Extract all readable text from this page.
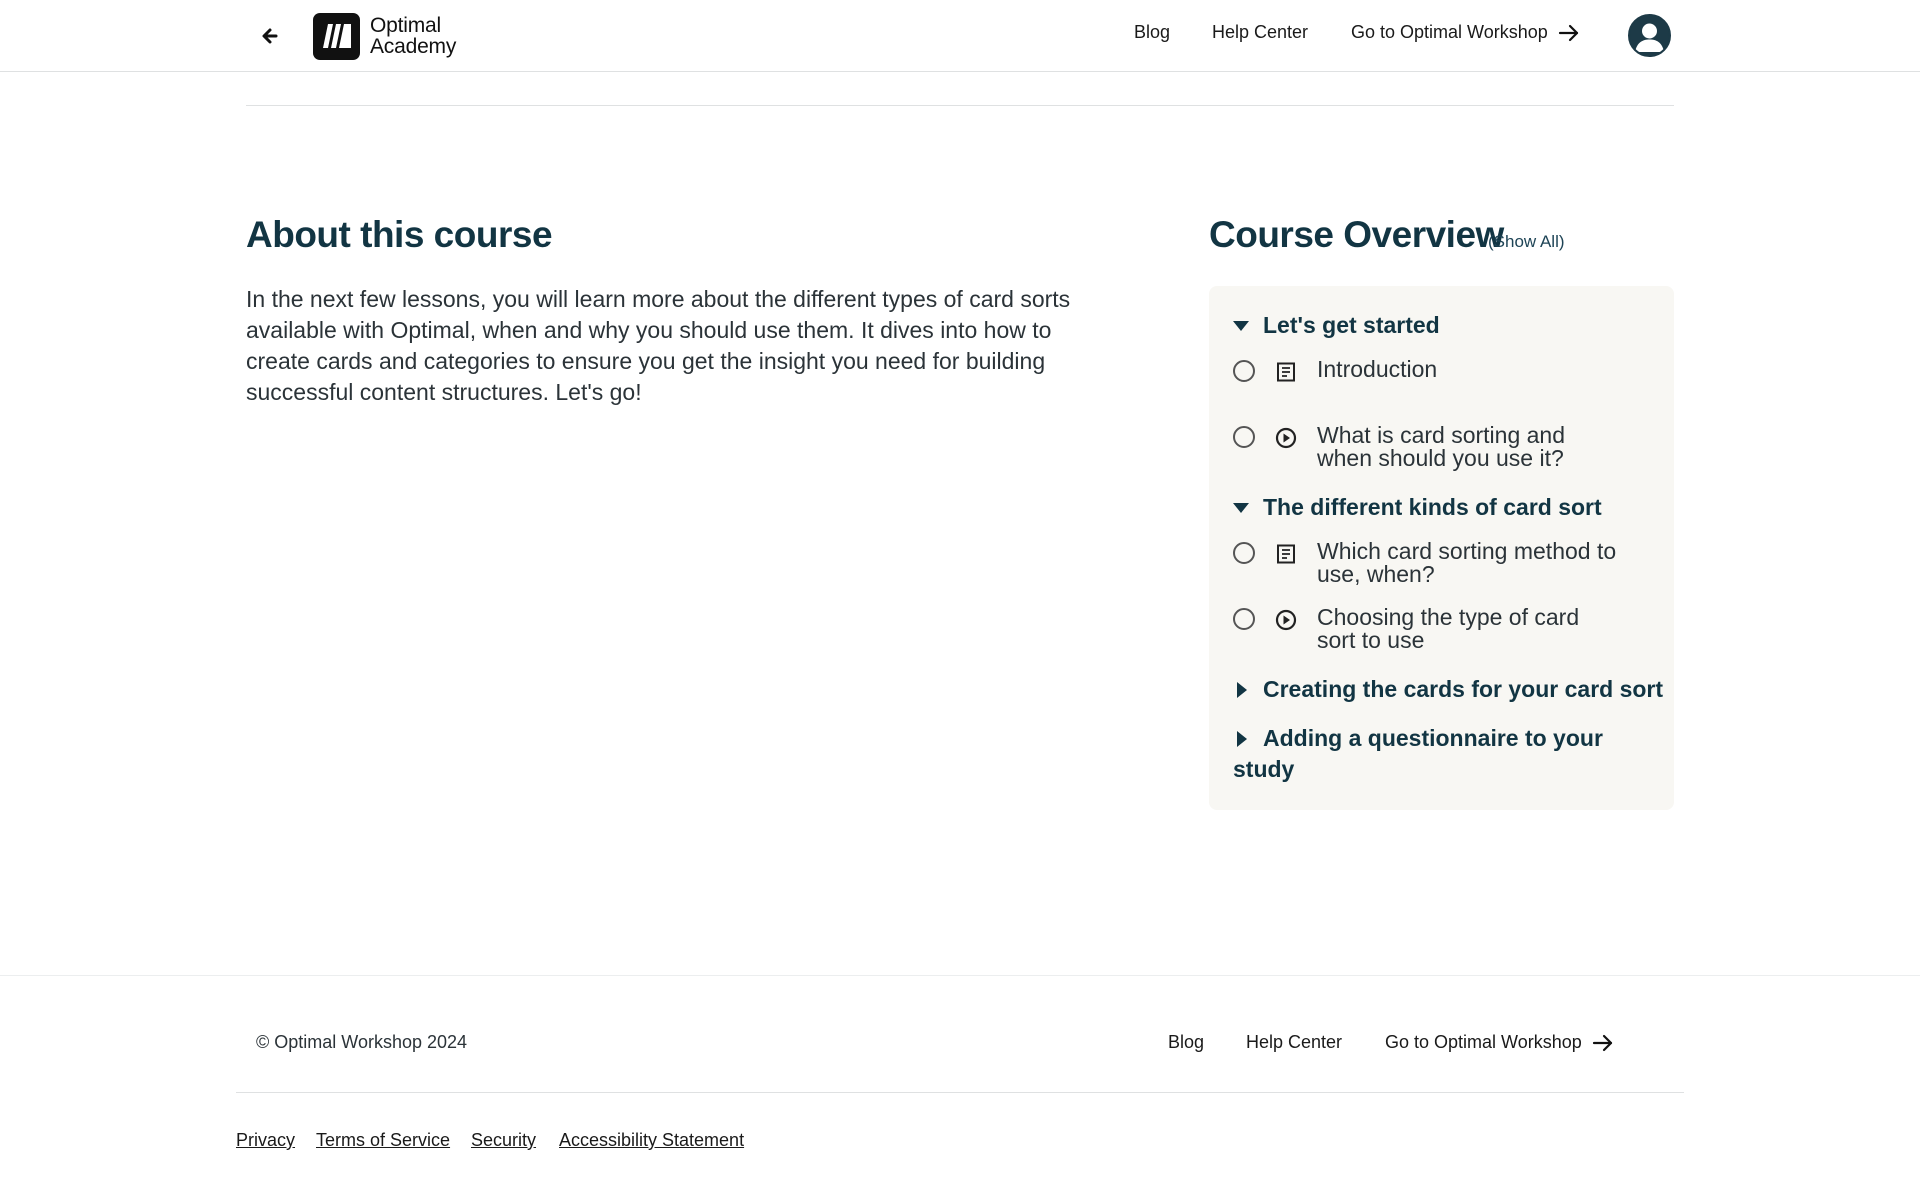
Optimal
Academy
Blog Help Center Go to Optimal Workshop
About this course

In the next few lessons, you will learn more about the different types of card sorts available with Optimal, when and why you should use them. It dives into how to create cards and categories to ensure you get the insight you need for building successful content structures. Let's go!

Course Overview
(Show All)
Let's get started
Introduction
What is card sorting and when should you use it?
The different kinds of card sort
Which card sorting method to use, when?
Choosing the type of card sort to use
Creating the cards for your card sort
Adding a questionnaire to your study
© Optimal Workshop 2024	Blog Help Center Go to Optimal Workshop
Privacy Terms of Service Security Accessibility Statement
